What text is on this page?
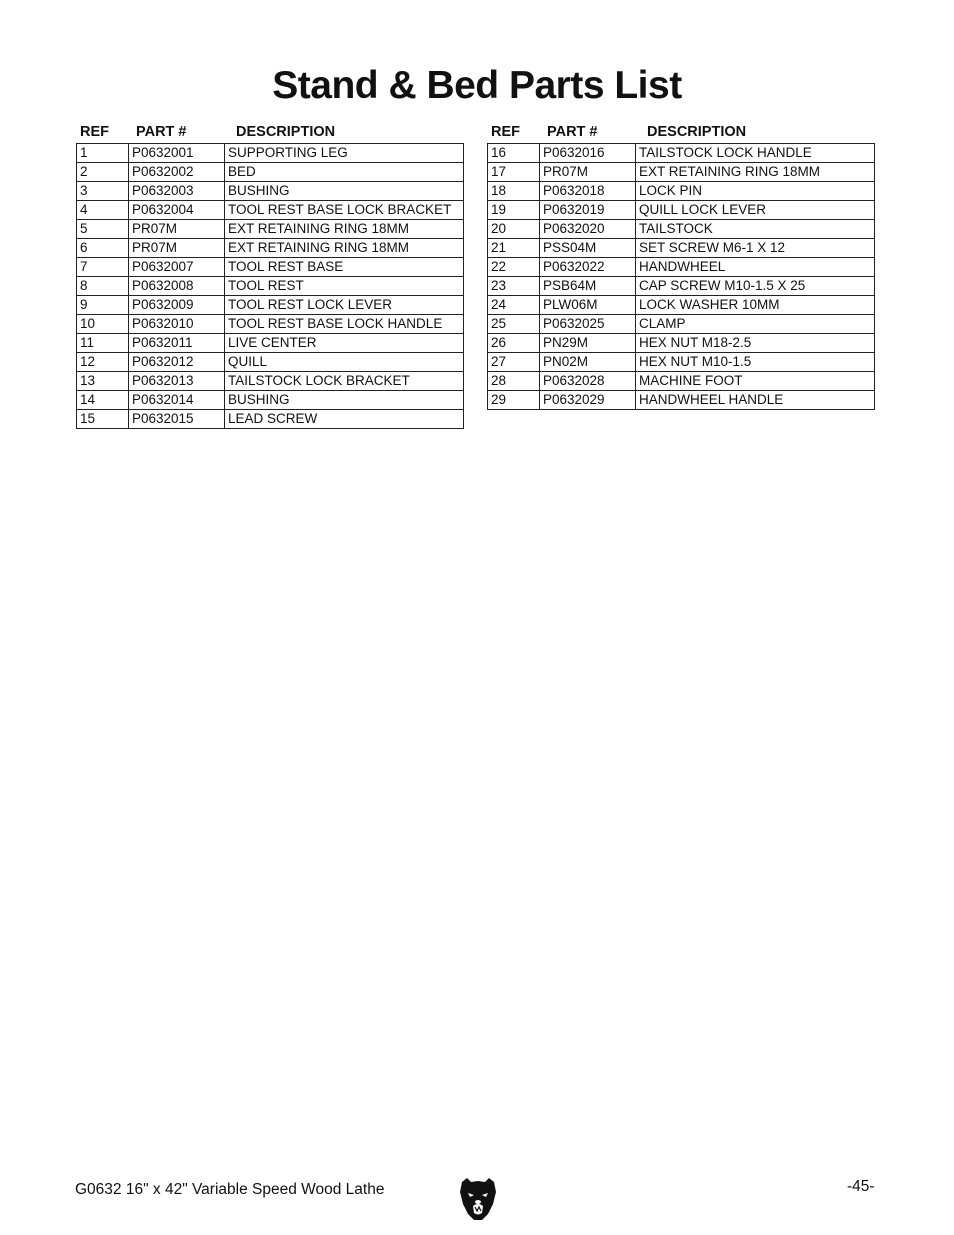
Stand & Bed Parts List
REF	PART #	DESCRIPTION
1	P0632001	SUPPORTING LEG
2	P0632002	BED
3	P0632003	BUSHING
4	P0632004	TOOL REST BASE LOCK BRACKET
5	PR07M	EXT RETAINING RING 18MM
6	PR07M	EXT RETAINING RING 18MM
7	P0632007	TOOL REST BASE
8	P0632008	TOOL REST
9	P0632009	TOOL REST LOCK LEVER
10	P0632010	TOOL REST BASE LOCK HANDLE
11	P0632011	LIVE CENTER
12	P0632012	QUILL
13	P0632013	TAILSTOCK LOCK BRACKET
14	P0632014	BUSHING
15	P0632015	LEAD SCREW
REF	PART #	DESCRIPTION
16	P0632016	TAILSTOCK LOCK HANDLE
17	PR07M	EXT RETAINING RING 18MM
18	P0632018	LOCK PIN
19	P0632019	QUILL LOCK LEVER
20	P0632020	TAILSTOCK
21	PSS04M	SET SCREW M6-1 X 12
22	P0632022	HANDWHEEL
23	PSB64M	CAP SCREW M10-1.5 X 25
24	PLW06M	LOCK WASHER 10MM
25	P0632025	CLAMP
26	PN29M	HEX NUT M18-2.5
27	PN02M	HEX NUT M10-1.5
28	P0632028	MACHINE FOOT
29	P0632029	HANDWHEEL HANDLE
G0632 16" x 42" Variable Speed Wood Lathe	-45-
